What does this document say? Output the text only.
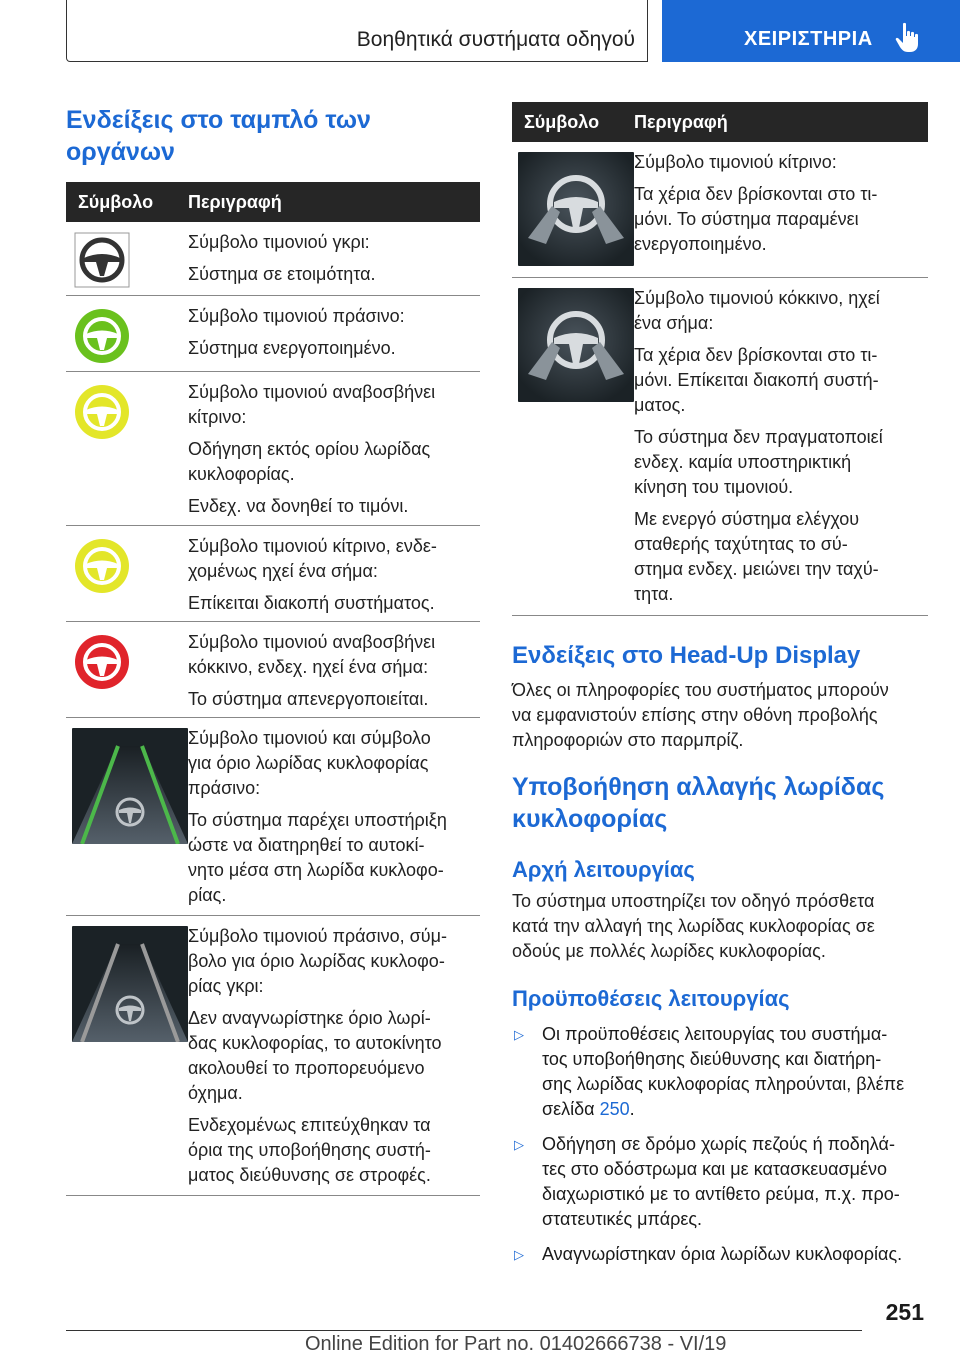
Βοηθητικά συστήματα οδηγού	ΧΕΙΡΙΣΤΗΡΙΑ
Ενδείξεις στο ταμπλό των
οργάνων
Σύμβολο Περιγραφή

Σύμβολο τιμονιού γκρι:

Σύστημα σε ετοιμότητα.

Σύμβολο τιμονιού πράσινο:

Σύστημα ενεργοποιημένο.

Σύμβολο τιμονιού αναβοσβήνει
κίτρινο:

Οδήγηση εκτός ορίου λωρίδας
κυκλοφορίας.

Ενδεχ. να δονηθεί το τιμόνι.

Σύμβολο τιμονιού κίτρινο, ενδε-
χομένως ηχεί ένα σήμα:

Επίκειται διακοπή συστήματος.

Σύμβολο τιμονιού αναβοσβήνει
κόκκινο, ενδεχ. ηχεί ένα σήμα:

Το σύστημα απενεργοποιείται.

Σύμβολο τιμονιού και σύμβολο
για όριο λωρίδας κυκλοφορίας
πράσινο:

Το σύστημα παρέχει υποστήριξη
ώστε να διατηρηθεί το αυτοκί-
νητο μέσα στη λωρίδα κυκλοφο-
ρίας.

Σύμβολο τιμονιού πράσινο, σύμ-
βολο για όριο λωρίδας κυκλοφο-
ρίας γκρι:

Δεν αναγνωρίστηκε όριο λωρί-
δας κυκλοφορίας, το αυτοκίνητο
ακολουθεί το προπορευόμενο
όχημα.

Ενδεχομένως επιτεύχθηκαν τα
όρια της υποβοήθησης συστή-
ματος διεύθυνσης σε στροφές.

Σύμβολο Περιγραφή

Σύμβολο τιμονιού κίτρινο:

Τα χέρια δεν βρίσκονται στο τι-
μόνι. Το σύστημα παραμένει
ενεργοποιημένο.

Σύμβολο τιμονιού κόκκινο, ηχεί
ένα σήμα:

Τα χέρια δεν βρίσκονται στο τι-
μόνι. Επίκειται διακοπή συστή-
ματος.

Το σύστημα δεν πραγματοποιεί
ενδεχ. καμία υποστηρικτική
κίνηση του τιμονιού.

Με ενεργό σύστημα ελέγχου
σταθερής ταχύτητας το σύ-
στημα ενδεχ. μειώνει την ταχύ-
τητα.

Ενδείξεις στο Head-Up Display
Όλες οι πληροφορίες του συστήματος μπορούν
να εμφανιστούν επίσης στην οθόνη προβολής
πληροφοριών στο παρμπρίζ.
Υποβοήθηση αλλαγής λωρίδας
κυκλοφορίας
Αρχή λειτουργίας
Το σύστημα υποστηρίζει τον οδηγό πρόσθετα
κατά την αλλαγή της λωρίδας κυκλοφορίας σε
οδούς με πολλές λωρίδες κυκλοφορίας.
Προϋποθέσεις λειτουργίας
▷ Οι προϋποθέσεις λειτουργίας του συστήμα-
τος υποβοήθησης διεύθυνσης και διατήρη-
σης λωρίδας κυκλοφορίας πληρούνται, βλέπε
σελίδα 250.
▷ Οδήγηση σε δρόμο χωρίς πεζούς ή ποδηλά-
τες στο οδόστρωμα και με κατασκευασμένο
διαχωριστικό με το αντίθετο ρεύμα, π.χ. προ-
στατευτικές μπάρες.
▷ Αναγνωρίστηκαν όρια λωρίδων κυκλοφορίας.
251
Online Edition for Part no. 01402666738 - VI/19
